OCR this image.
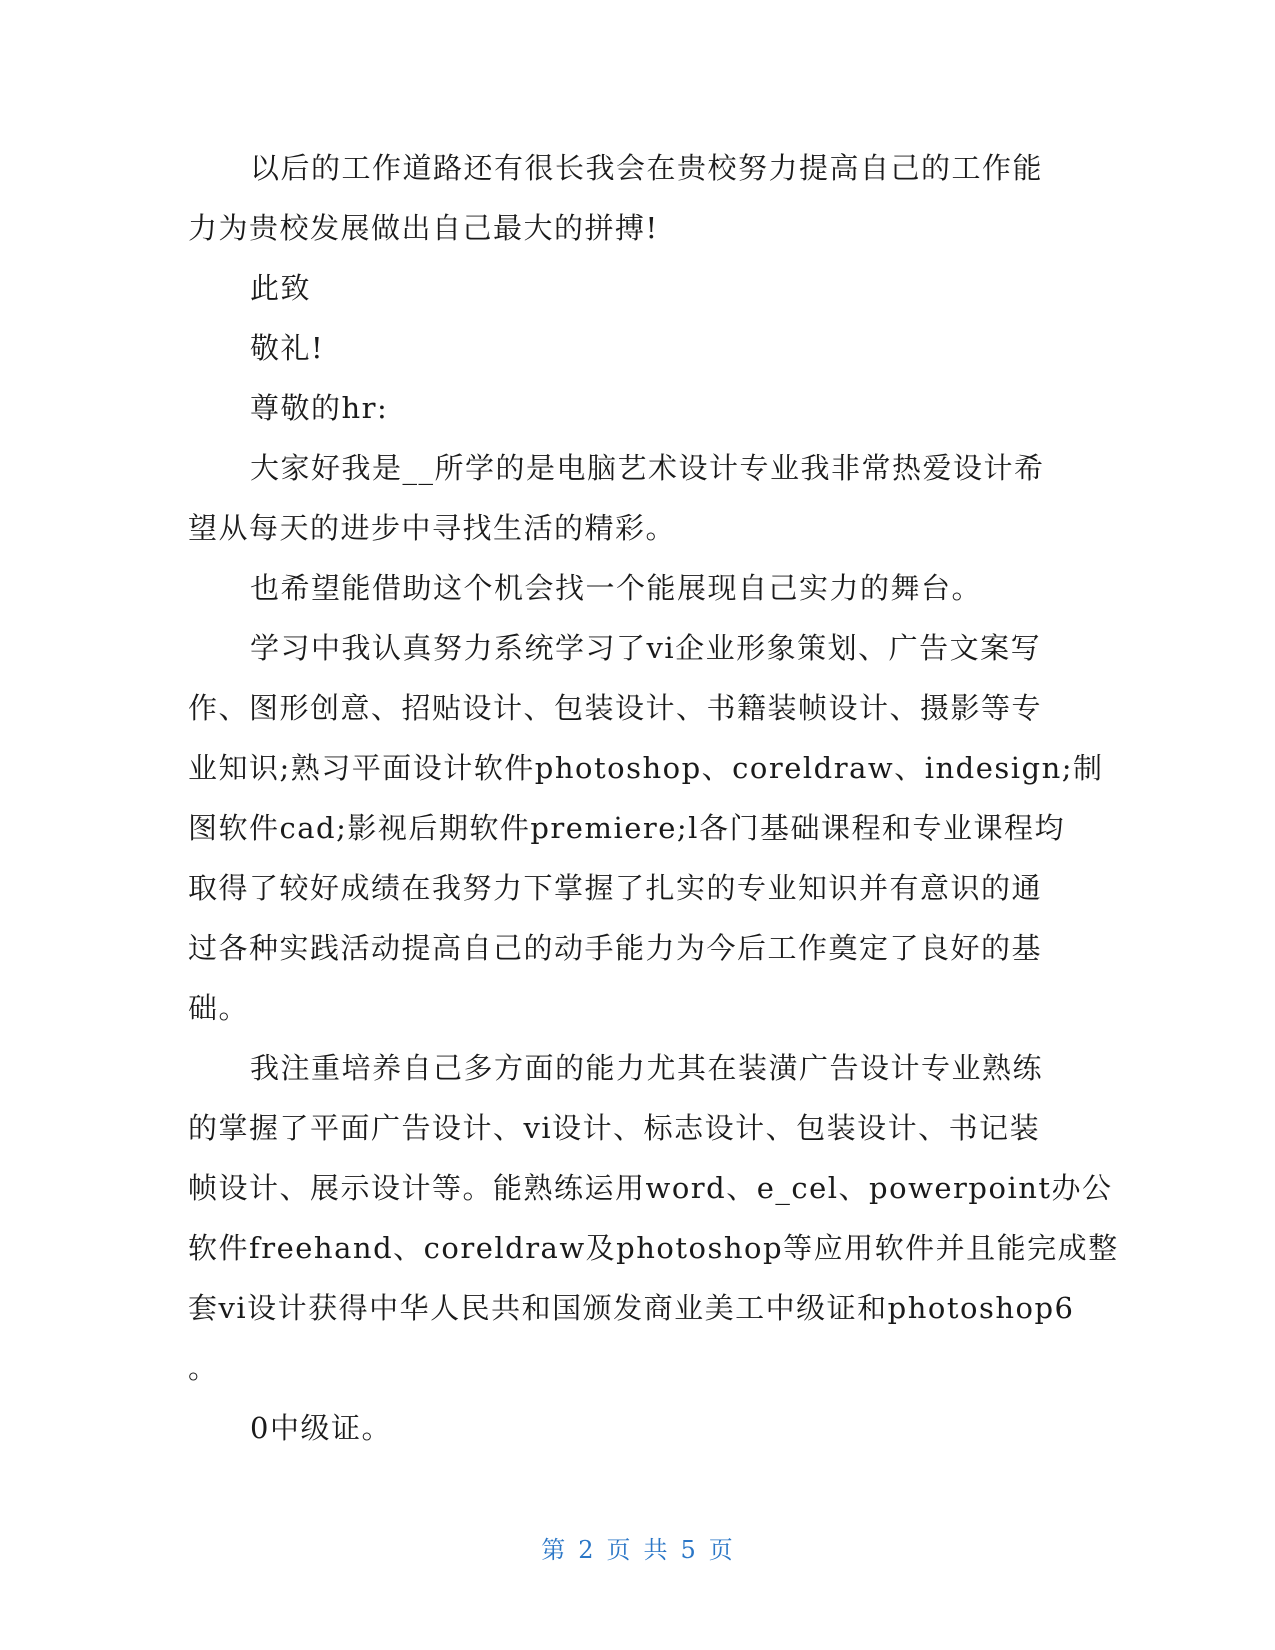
以后的工作道路还有很长我会在贵校努力提高自己的工作能
力为贵校发展做出自己最大的拼搏!
此致
敬礼!
尊敬的hr:
大家好我是__所学的是电脑艺术设计专业我非常热爱设计希
望从每天的进步中寻找生活的精彩。
也希望能借助这个机会找一个能展现自己实力的舞台。
学习中我认真努力系统学习了vi企业形象策划、广告文案写
作、图形创意、招贴设计、包装设计、书籍装帧设计、摄影等专
业知识;熟习平面设计软件photoshop、coreldraw、indesign;制
图软件cad;影视后期软件premiere;l各门基础课程和专业课程均
取得了较好成绩在我努力下掌握了扎实的专业知识并有意识的通
过各种实践活动提高自己的动手能力为今后工作奠定了良好的基
础。
我注重培养自己多方面的能力尤其在装潢广告设计专业熟练
的掌握了平面广告设计、vi设计、标志设计、包装设计、书记装
帧设计、展示设计等。能熟练运用word、e_cel、powerpoint办公
软件freehand、coreldraw及photoshop等应用软件并且能完成整
套vi设计获得中华人民共和国颁发商业美工中级证和photoshop6
。
0中级证。
第 2 页 共 5 页
